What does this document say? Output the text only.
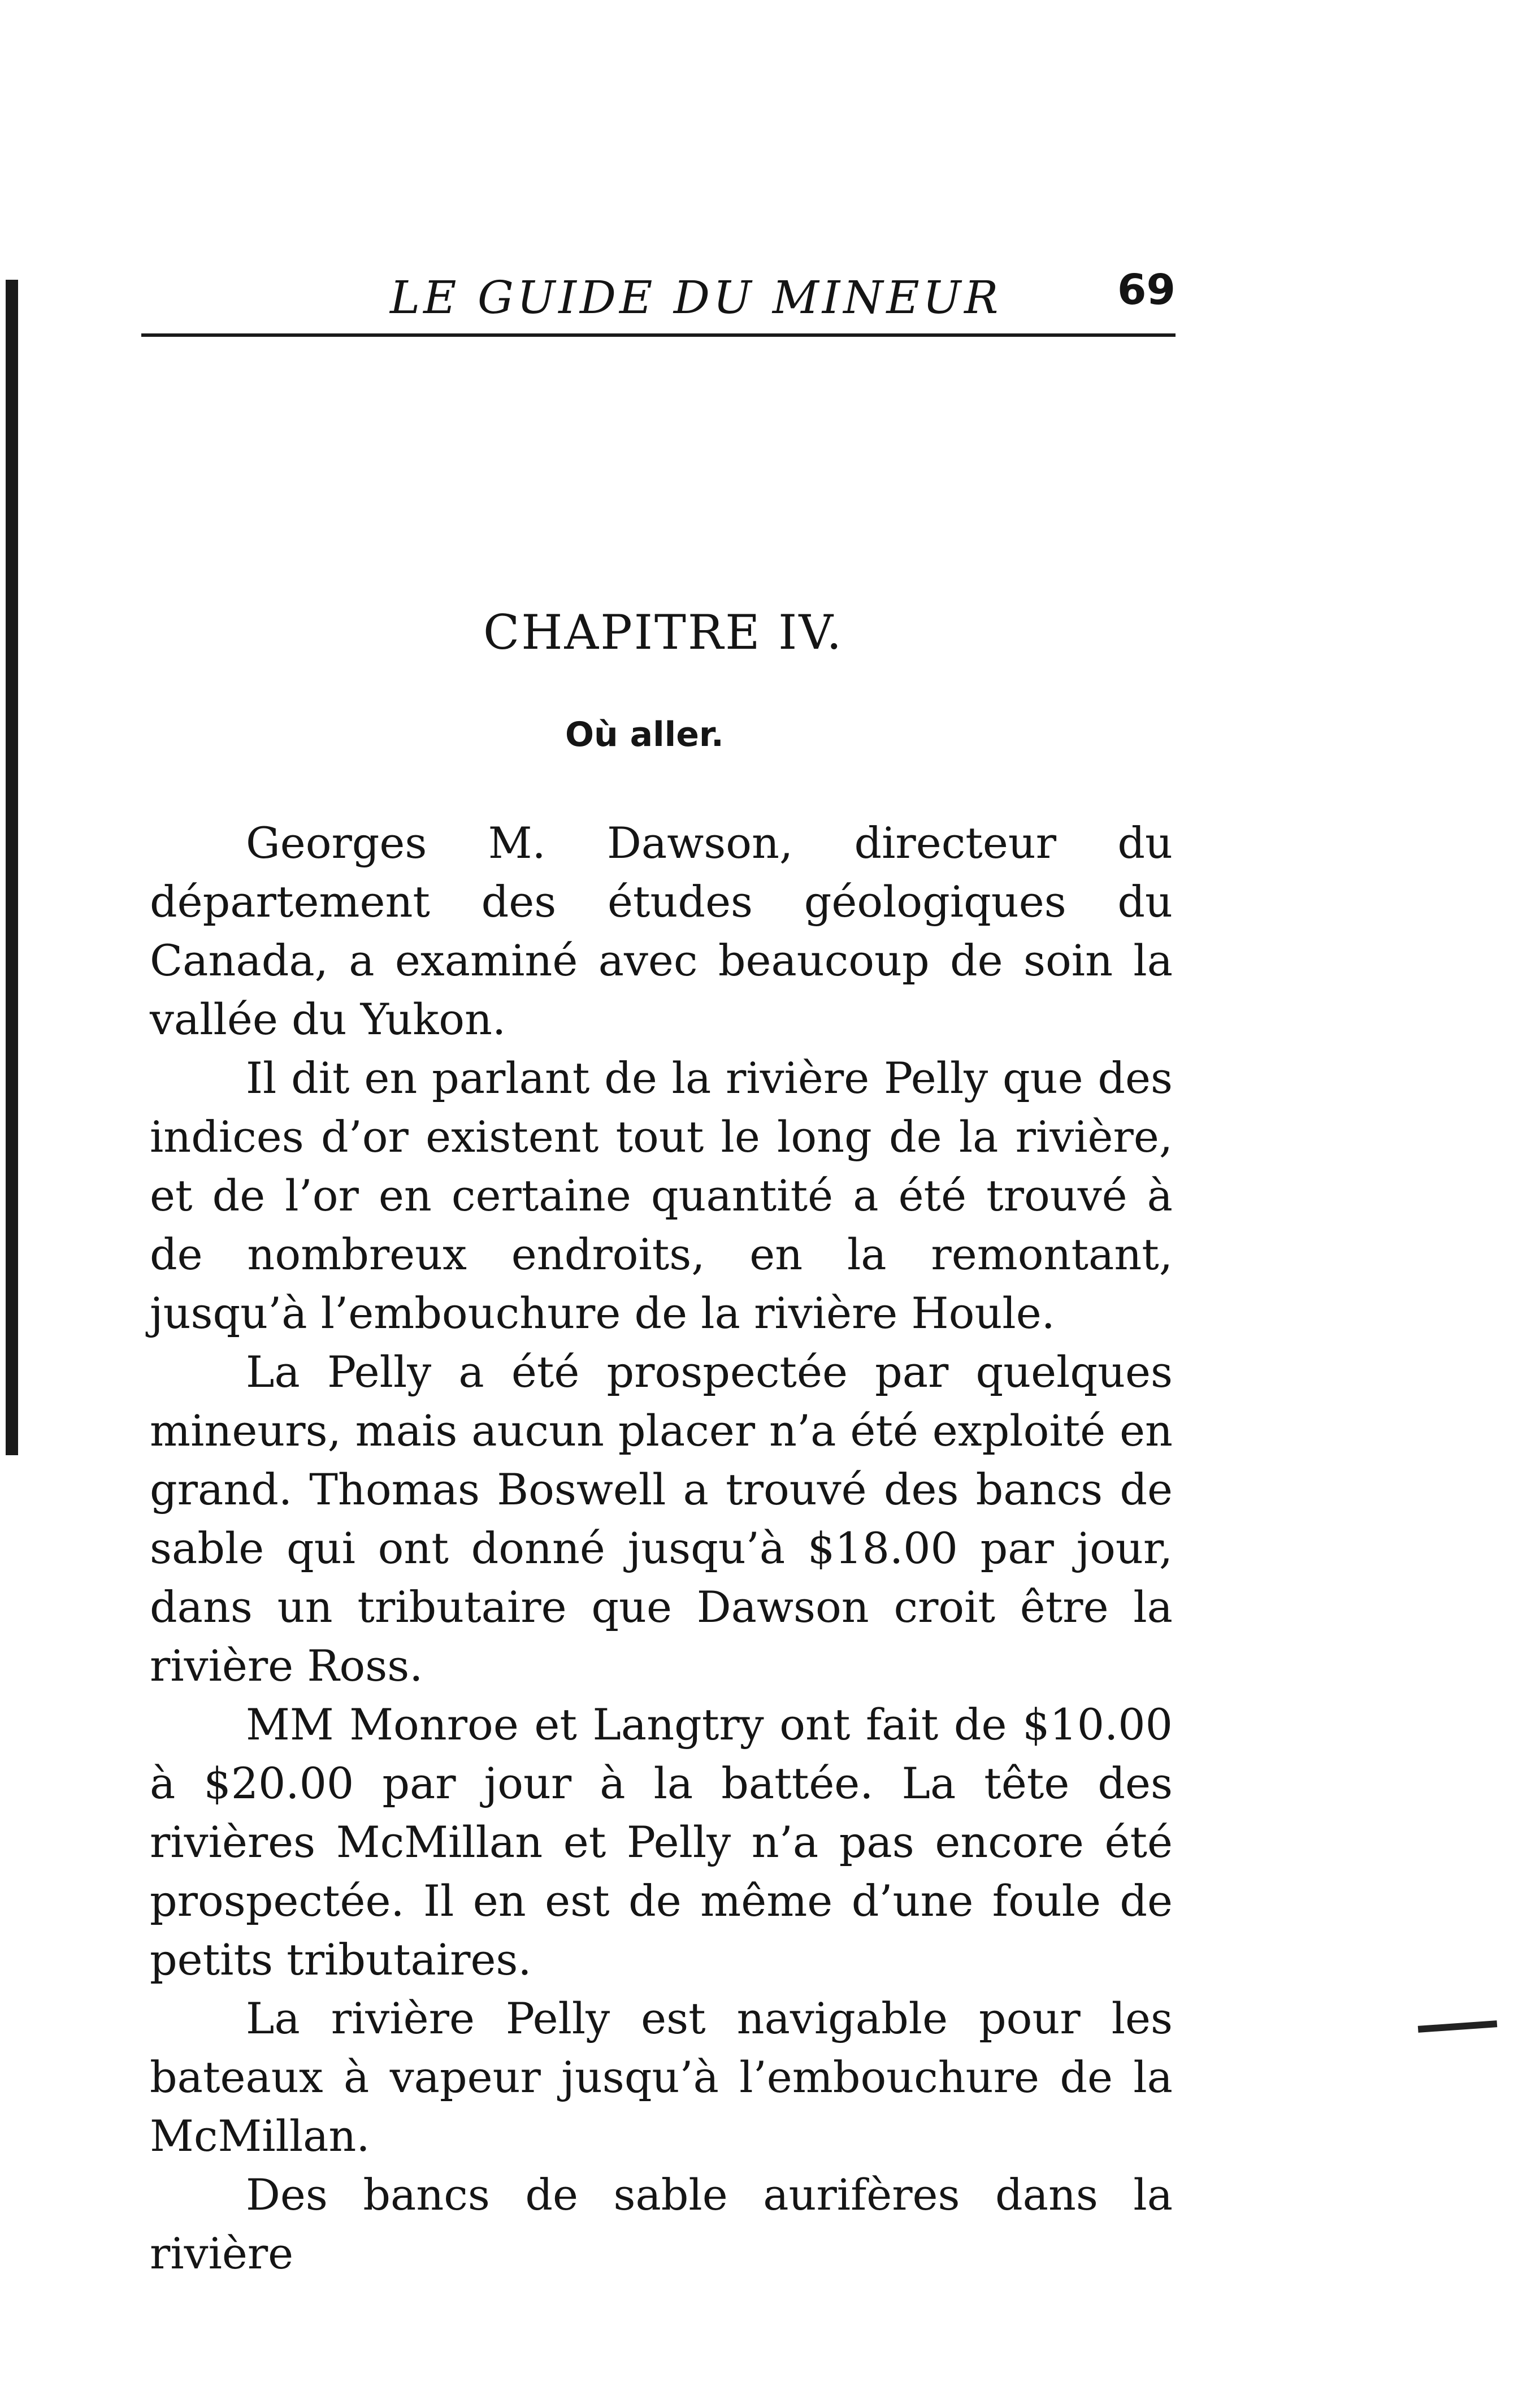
LE GUIDE DU MINEUR	69
CHAPITRE IV.
Où aller.

Georges M. Dawson, directeur du département des études géologiques du Canada, a examiné avec beaucoup de soin la vallée du Yukon.

Il dit en parlant de la rivière Pelly que des indices d’or existent tout le long de la rivière, et de l’or en certaine quantité a été trouvé à de nombreux endroits, en la remontant, jusqu’à l’embouchure de la rivière Houle.

La Pelly a été prospectée par quelques mineurs, mais aucun placer n’a été exploité en grand. Thomas Boswell a trouvé des bancs de sable qui ont donné jusqu’à $18.00 par jour, dans un tributaire que Dawson croit être la rivière Ross.

MM Monroe et Langtry ont fait de $10.00 à $20.00 par jour à la battée. La tête des rivières McMillan et Pelly n’a pas encore été prospectée. Il en est de même d’une foule de petits tributaires.

La rivière Pelly est navigable pour les bateaux à vapeur jusqu’à l’embouchure de la McMillan.

Des bancs de sable aurifères dans la rivière
